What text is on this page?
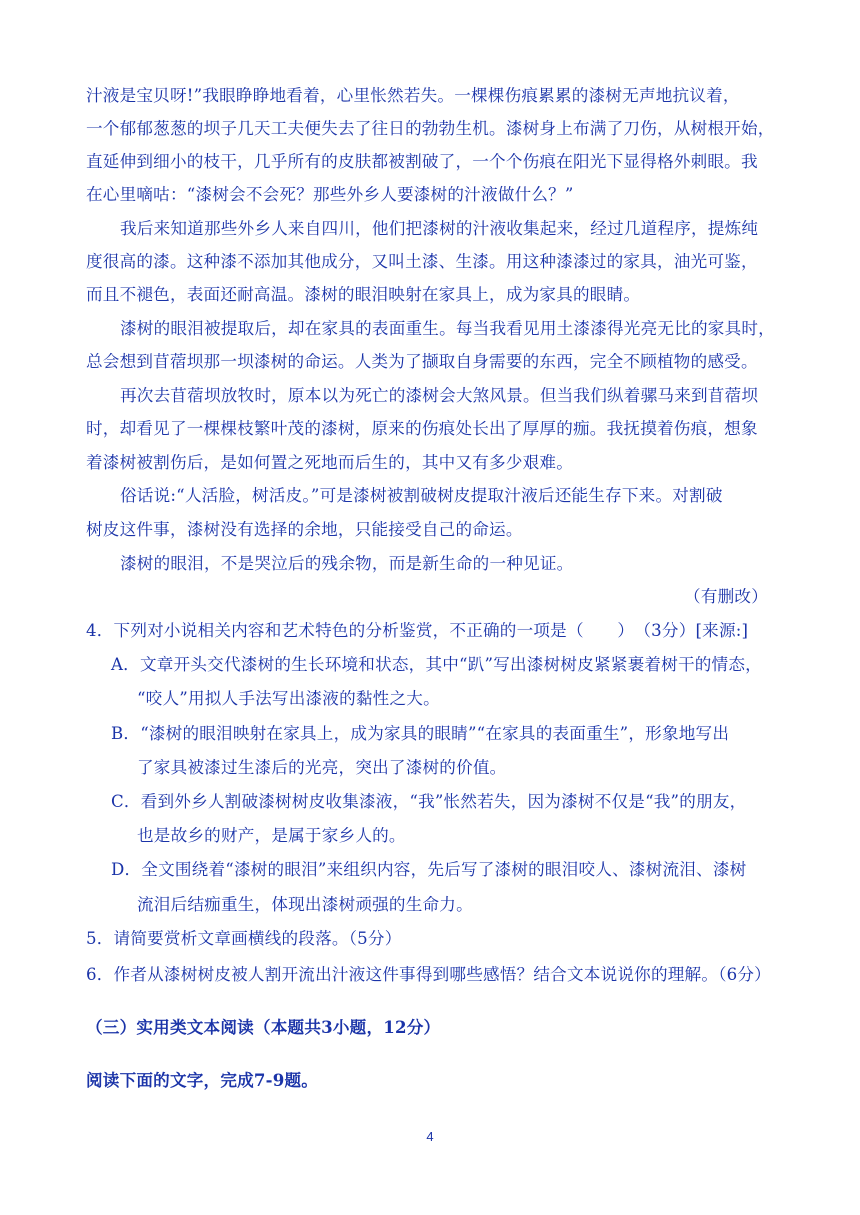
汁液是宝贝呀!”我眼睁睁地看着，心里怅然若失。一棵棵伤痕累累的漆树无声地抗议着，
一个郁郁葱葱的坝子几天工夫便失去了往日的勃勃生机。漆树身上布满了刀伤，从树根开始，
直延伸到细小的枝干，几乎所有的皮肤都被割破了，一个个伤痕在阳光下显得格外刺眼。我
在心里嘀咕：“漆树会不会死？那些外乡人要漆树的汁液做什么？”
我后来知道那些外乡人来自四川，他们把漆树的汁液收集起来，经过几道程序，提炼纯
度很高的漆。这种漆不添加其他成分，又叫土漆、生漆。用这种漆漆过的家具，油光可鉴，
而且不褪色，表面还耐高温。漆树的眼泪映射在家具上，成为家具的眼睛。
漆树的眼泪被提取后，却在家具的表面重生。每当我看见用土漆漆得光亮无比的家具时，
总会想到苜蓿坝那一坝漆树的命运。人类为了撷取自身需要的东西，完全不顾植物的感受。
再次去苜蓿坝放牧时，原本以为死亡的漆树会大煞风景。但当我们纵着骡马来到苜蓿坝
时，却看见了一棵棵枝繁叶茂的漆树，原来的伤痕处长出了厚厚的痂。我抚摸着伤痕，想象
着漆树被割伤后，是如何置之死地而后生的，其中又有多少艰难。
俗话说:“人活脸，树活皮。”可是漆树被割破树皮提取汁液后还能生存下来。对割破
树皮这件事，漆树没有选择的余地，只能接受自己的命运。
漆树的眼泪，不是哭泣后的残余物，而是新生命的一种见证。
（有删改）
4．下列对小说相关内容和艺术特色的分析鉴赏，不正确的一项是（　　）　（3分）[来源:]
A．文章开头交代漆树的生长环境和状态，其中“趴”写出漆树树皮紧紧裹着树干的情态，
“咬人”用拟人手法写出漆液的黏性之大。
B．“漆树的眼泪映射在家具上，成为家具的眼睛”“在家具的表面重生”，形象地写出
了家具被漆过生漆后的光亮，突出了漆树的价值。
C．看到外乡人割破漆树树皮收集漆液，“我”怅然若失，因为漆树不仅是“我”的朋友，
也是故乡的财产，是属于家乡人的。
D．全文围绕着“漆树的眼泪”来组织内容，先后写了漆树的眼泪咬人、漆树流泪、漆树
流泪后结痂重生，体现出漆树顽强的生命力。
5．请简要赏析文章画横线的段落。（5分）
6．作者从漆树树皮被人割开流出汁液这件事得到哪些感悟？结合文本说说你的理解。（6分）
（三）实用类文本阅读（本题共3小题，12分）
阅读下面的文字，完成7-9题。
4
